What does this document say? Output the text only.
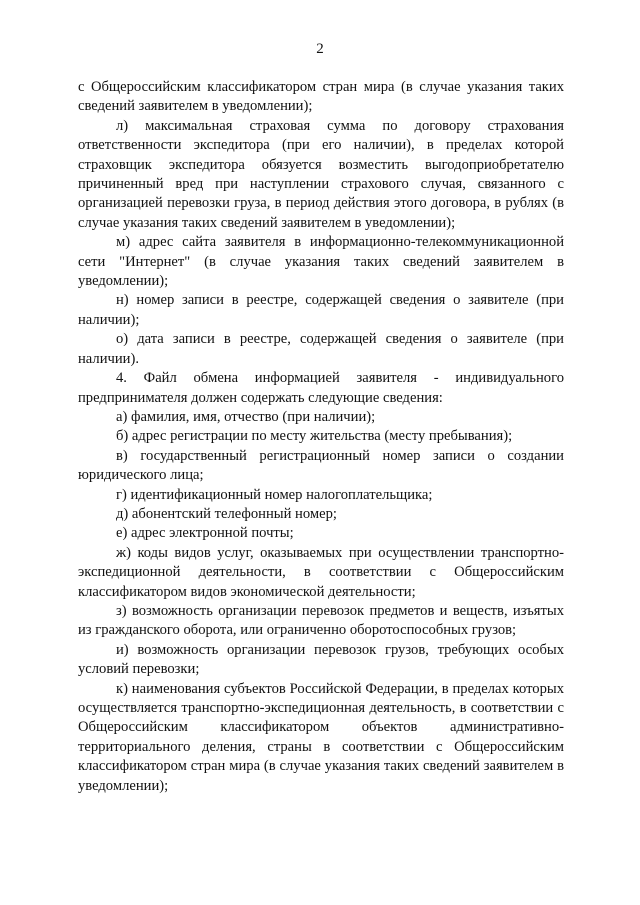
2

с Общероссийским классификатором стран мира (в случае указания таких сведений заявителем в уведомлении);

л) максимальная страховая сумма по договору страхования ответственности экспедитора (при его наличии), в пределах которой страховщик экспедитора обязуется возместить выгодоприобретателю причиненный вред при наступлении страхового случая, связанного с организацией перевозки груза, в период действия этого договора, в рублях (в случае указания таких сведений заявителем в уведомлении);

м) адрес сайта заявителя в информационно-телекоммуникационной сети "Интернет" (в случае указания таких сведений заявителем в уведомлении);

н) номер записи в реестре, содержащей сведения о заявителе (при наличии);

о) дата записи в реестре, содержащей сведения о заявителе (при наличии).

4. Файл обмена информацией заявителя - индивидуального предпринимателя должен содержать следующие сведения:

а) фамилия, имя, отчество (при наличии);

б) адрес регистрации по месту жительства (месту пребывания);

в) государственный регистрационный номер записи о создании юридического лица;

г) идентификационный номер налогоплательщика;

д) абонентский телефонный номер;

е) адрес электронной почты;

ж) коды видов услуг, оказываемых при осуществлении транспортно-экспедиционной деятельности, в соответствии с Общероссийским классификатором видов экономической деятельности;

з) возможность организации перевозок предметов и веществ, изъятых из гражданского оборота, или ограниченно оборотоспособных грузов;

и) возможность организации перевозок грузов, требующих особых условий перевозки;

к) наименования субъектов Российской Федерации, в пределах которых осуществляется транспортно-экспедиционная деятельность, в соответствии с Общероссийским классификатором объектов административно-территориального деления, страны в соответствии с Общероссийским классификатором стран мира (в случае указания таких сведений заявителем в уведомлении);
